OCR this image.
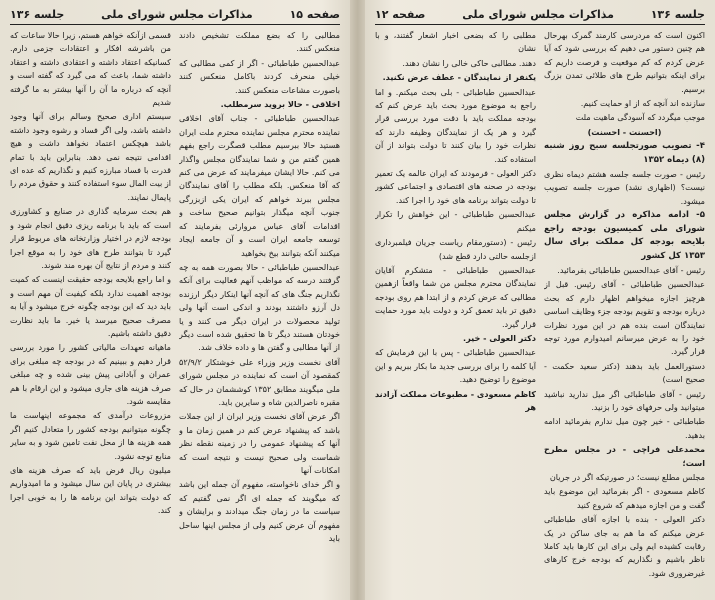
صفحه ۱۵
مذاکرات مجلس شورای ملی
جلسه ۱۳۶

مطالبی را که بضع مملکت تشخیص دادند منعکس کنند.

عبدالحسین طباطبائی - اگر از کمی مطالبی که خیلی منحرف کردند باکامل منعکس کنند باصورت مشاعات منعکس کنند.

اخلاقی - حالا بروید سرمطلب.

عبدالحسین طباطبائی - جناب آقای اخلاقی نماینده محترم مجلس نماینده محترم ملت ایران هستید حالا ببرسیم مطلب قصگرت راجع بفهم همین گفتم من و شما نمایندگان مجلس واگذار می کنم. حالا ایشان میفرمایند که عرض می کنم که آقا منعکس. بلکه مطلب را آقای نمایندگان مجلس ببرند خواهم که ایران یکی ازبزرگی جنوب آنچه میگذار بتوانیم صحیح ساخت و اقدامات آقای عباس مروارئی بفرمایند که توسعه جامعه ایران است و آن جامعه ایجاد میکنند آنکه بتوانند بیخ بخواهید

عبدالحسین طباطبائی - حالا بصورت همه به چه گرفتند درسه که مواظب آنهم فعالیت برای آنکه نگذاریم جنگ های که آنچه آنها اینکار دیگر ارزنده دل آرزو داشتند بودند و اندکی است آنها ولی تولید محصولات در ایران دیگر می کنند و یا خودتان هستند دیگر تا ها تحقیق شده است دیگر از آنها مطالبی و گفتن ها و داده خلاف شد.

آقای نخست وزیر وزراء علی خوشتکار ۵۲/۹/۲ کمقصود آن است که نماینده در مجلس شورای ملی میگویند مطابق ۱۳۵۲ کوششمان در حال که مقبره ناصرالدین شاه و سایرین باید.

اگر عرض آقای نخست وزیر ایران از این جملات باشد که پیشنهاد عرض کنم در همین زمان ما و آنها که پیشنهاد عمومی را در زمینه نقطه نظر شماست ولی صحیح نیست و نتیجه است که امکانات آنها

و اگر خدای ناخواسته، مفهوم آن جمله این باشد که میگویند که جمله ای اگر نمی گفتیم که سیاست ما در زمان جنگ میدادند و برایشان و مفهوم آن عرض کنیم ولی از مجلس اینها ساحل باید

قسمی ازآنکه خواهم هستم، زیرا حالا ساعات که من باشرشه افکار و اعتقادات جزمی دارم. کسانیکه اعتقاد داشته و اعتقادی داشته و اعتقاد داشته شما، باعث که می گیرد که گفته است و آنچه که درباره ما آن را آنها بیشتر به ما گرفته شدیم

سیستم اداری صحیح وسالم برای آنها وجود داشته باشد، ولی اگر فساد و رشوه وجود داشته باشد هیچکس اعتماد نخواهد داشت و هیچ اقدامی نتیجه نمی دهد. بنابراین باید با تمام قدرت با فساد مبارزه کنیم و نگذاریم که عده ای از بیت المال سوء استفاده کنند و حقوق مردم را پایمال نمایند.

هم بحث سرمایه گذاری در صنایع و کشاورزی است که باید با برنامه ریزی دقیق انجام شود و بودجه لازم در اختیار وزارتخانه های مربوط قرار گیرد تا بتوانند طرح های خود را به موقع اجرا کنند و مردم از نتایج آن بهره مند شوند.

و اما راجع بلایحه بودجه حقیقت اینست که کمیت بودجه اهمیت ندارد بلکه کیفیت آن مهم است و باید دید که این بودجه چگونه خرج میشود و آیا به مصرف صحیح میرسد یا خیر. ما باید نظارت دقیق داشته باشیم.

ماهیانه تعهدات مالیاتی کشور را مورد بررسی قرار دهیم و ببینیم که در بودجه چه مبلغی برای عمران و آبادانی پیش بینی شده و چه مبلغی صرف هزینه های جاری میشود و این ارقام با هم مقایسه شود.

مزروعات درآمدی که مجموعه اینهاست ما چگونه میتوانیم بودجه کشور را متعادل کنیم اگر همه هزینه ها از محل نفت تامین شود و به سایر منابع توجه نشود.

میلیون ریال فرض باید که صرف هزینه های بیشتری در پایان این سال میشود و ما امیدواریم که دولت بتواند این برنامه ها را به خوبی اجرا کند.

جلسه ۱۳۶
مذاکرات مجلس شورای ملی
صفحه ۱۲

اکنون است که مردرسی کارمند گمرک بهرحال هم چنین دستور می دهیم که بررسی شود که آیا عرض کردم که کم موقعیت و فرصت داریم که برای اینکه بتوانیم طرح های طلائی تمدن بزرگ برسیم.

سازنده اند آنچه که از او حمایت کنیم.

موجب میگردد که آسودگی ماهیت ملت

(احسنت - احسنت)

۴- تصویب صورتجلسه سبح روز شنبه (۸) دیماه ۱۳۵۲

رئیس - صورت جلسه جلسه هشتم دیماه نظری نیست؟ (اظهاری نشد) صورت جلسه تصویب میشود.

۵- ادامه مذاکره در گزارش مجلس شورای ملی کمیسیون بودجه راجع بلایحه بودجه کل مملکت برای سال ۱۳۵۳ کل کشور

رئیس - آقای عبدالحسین طباطبائی بفرمائید.

عبدالحسین طباطبائی - آقای رئیس. قبل از هرچیز اجازه میخواهم اظهار دارم که بحث درباره بودجه و تقویم بودجه جزء وظایف اساسی نمایندگان است بنده هم در این مورد نظرات خود را به عرض میرسانم امیدوارم مورد توجه قرار گیرد.

دستورالعمل باید بدهند (دکتر سعید حکمت - صحیح است)

رئیس - آقای طباطبائی اگر میل ندارید نباشید میتوانید ولی حرفهای خود را بزنید.

طباطبائی - خیر چون میل ندارم بفرمائید ادامه بدهید.

محمدعلی فراچی - در مجلس مطرح است؛

مجلس مطلع نیست؛ در صورتیکه اگر در جریان

کاظم مسعودی - اگر بفرمائید این موضوع باید گفت و من اجازه میدهم که شروع کنید

دکتر العولی - بنده با اجازه آقای طباطبائی عرض میکنم که ما هم به جای ساکن در یک رقابت کشیده ایم ولی برای این کارها باید کاملا ناظر باشیم و نگذاریم که بودجه خرج کارهای غیرضروری شود.

مطلبی را که بضعی اخبار اشعار گفتند، و با نشان

دهند. مطالبی حاکی خالی را نشان دهند.

یکنفر از نمایندگان - عطف عرض نکنید.

عبدالحسین طباطبائی - بلی بحث میکنم. و اما راجع به موضوع مورد بحث باید عرض کنم که بودجه مملکت باید با دقت مورد بررسی قرار گیرد و هر یک از نمایندگان وظیفه دارند که نظرات خود را بیان کنند تا دولت بتواند از آن استفاده کند.

دکتر العولی - فرمودند که ایران عالمه یک تعمیر بودجه در صحنه های اقتصادی و اجتماعی کشور تا دولت بتواند برنامه های خود را اجرا کند.

عبدالحسین طباطبائی - این خواهش را تکرار میکنم

رئیس - (دستورمقام ریاست جریان فیلمبرداری ازجلسه حالتی دارد قطع شد)

عبدالحسین طباطبائی - متشکرم آقایان نمایندگان محترم مجلس من شما واقعاً ازهمین مطالبی که عرض کردم و از ابتدا هم روی بودجه دقیق تر باید تعمق کرد و دولت باید مورد حمایت قرار گیرد.

دکتر العولی - خیر.

عبدالحسین طباطبائی - پس با این فرمایش که آیا کلمه را برای بررسی جدید ما بکار ببریم و این موضوع را توضیح دهید.

کاظم مسعودی - مطبوعات مملکت آزادند هر
